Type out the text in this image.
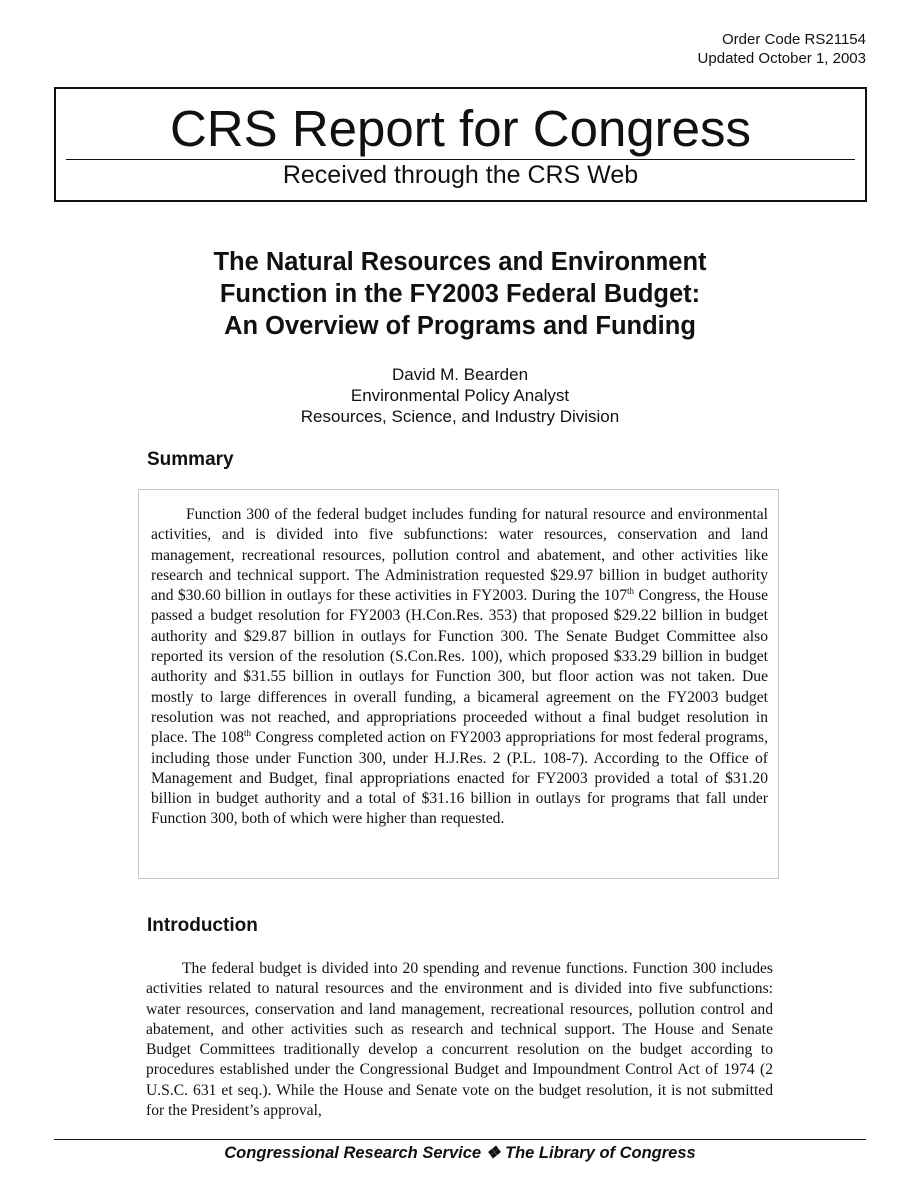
Order Code RS21154
Updated October 1, 2003
CRS Report for Congress
Received through the CRS Web
The Natural Resources and Environment
Function in the FY2003 Federal Budget:
An Overview of Programs and Funding
David M. Bearden
Environmental Policy Analyst
Resources, Science, and Industry Division
Summary

Function 300 of the federal budget includes funding for natural resource and environmental activities, and is divided into five subfunctions: water resources, conservation and land management, recreational resources, pollution control and abatement, and other activities like research and technical support. The Administration requested $29.97 billion in budget authority and $30.60 billion in outlays for these activities in FY2003. During the 107th Congress, the House passed a budget resolution for FY2003 (H.Con.Res. 353) that proposed $29.22 billion in budget authority and $29.87 billion in outlays for Function 300. The Senate Budget Committee also reported its version of the resolution (S.Con.Res. 100), which proposed $33.29 billion in budget authority and $31.55 billion in outlays for Function 300, but floor action was not taken. Due mostly to large differences in overall funding, a bicameral agreement on the FY2003 budget resolution was not reached, and appropriations proceeded without a final budget resolution in place. The 108th Congress completed action on FY2003 appropriations for most federal programs, including those under Function 300, under H.J.Res. 2 (P.L. 108-7). According to the Office of Management and Budget, final appropriations enacted for FY2003 provided a total of $31.20 billion in budget authority and a total of $31.16 billion in outlays for programs that fall under Function 300, both of which were higher than requested.

Introduction

The federal budget is divided into 20 spending and revenue functions. Function 300 includes activities related to natural resources and the environment and is divided into five subfunctions: water resources, conservation and land management, recreational resources, pollution control and abatement, and other activities such as research and technical support. The House and Senate Budget Committees traditionally develop a concurrent resolution on the budget according to procedures established under the Congressional Budget and Impoundment Control Act of 1974 (2 U.S.C. 631 et seq.). While the House and Senate vote on the budget resolution, it is not submitted for the President’s approval,

Congressional Research Service ❖ The Library of Congress
